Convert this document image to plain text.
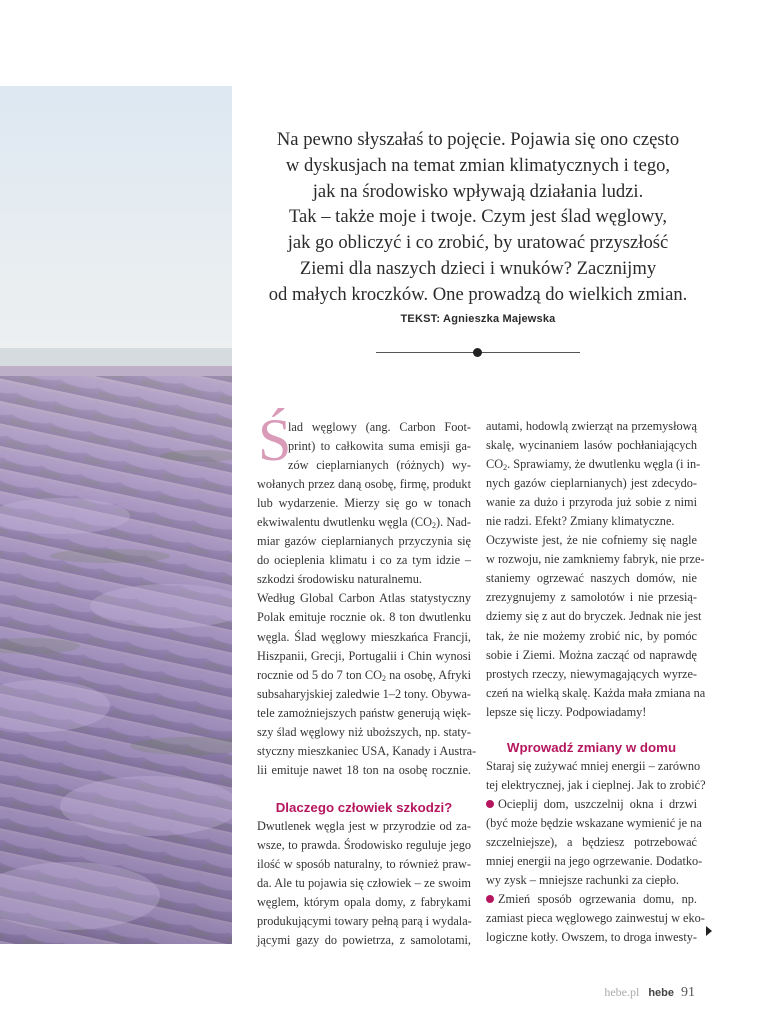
Na pewno słyszałaś to pojęcie. Pojawia się ono często
w dyskusjach na temat zmian klimatycznych i tego,
jak na środowisko wpływają działania ludzi.
Tak – także moje i twoje. Czym jest ślad węglowy,
jak go obliczyć i co zrobić, by uratować przyszłość
Ziemi dla naszych dzieci i wnuków? Zacznijmy
od małych kroczków. One prowadzą do wielkich zmian.
TEKST: Agnieszka Majewska
Ś
lad węglowy (ang. Carbon Foot-
print) to całkowita suma emisji ga-
zów cieplarnianych (różnych) wy-
wołanych przez daną osobę, firmę, produkt
lub wydarzenie. Mierzy się go w tonach
ekwiwalentu dwutlenku węgla $(CO_2)$. Nad-
miar gazów cieplarnianych przyczynia się
do ocieplenia klimatu i co za tym idzie –
szkodzi środowisku naturalnemu.
Według Global Carbon Atlas statystyczny
Polak emituje rocznie ok. 8 ton dwutlenku
węgla. Ślad węglowy mieszkańca Francji,
Hiszpanii, Grecji, Portugalii i Chin wynosi
rocznie od 5 do 7 ton $CO_2$ na osobę, Afryki
subsaharyjskiej zaledwie 1–2 tony. Obywa-
tele zamożniejszych państw generują więk-
szy ślad węglowy niż uboższych, np. staty-
styczny mieszkaniec USA, Kanady i Austra-
lii emituje nawet 18 ton na osobę rocznie.
Dlaczego człowiek szkodzi?
Dwutlenek węgla jest w przyrodzie od za-
wsze, to prawda. Środowisko reguluje jego
ilość w sposób naturalny, to również praw-
da. Ale tu pojawia się człowiek – ze swoim
węglem, którym opala domy, z fabrykami
produkującymi towary pełną parą i wydala-
jącymi gazy do powietrza, z samolotami,
autami, hodowlą zwierząt na przemysłową
skalę, wycinaniem lasów pochłaniających
$CO_2$. Sprawiamy, że dwutlenku węgla (i in-
nych gazów cieplarnianych) jest zdecydo-
wanie za dużo i przyroda już sobie z nimi
nie radzi. Efekt? Zmiany klimatyczne.
Oczywiste jest, że nie cofniemy się nagle
w rozwoju, nie zamkniemy fabryk, nie prze-
staniemy ogrzewać naszych domów, nie
zrezygnujemy z samolotów i nie przesią-
dziemy się z aut do bryczek. Jednak nie jest
tak, że nie możemy zrobić nic, by pomóc
sobie i Ziemi. Można zacząć od naprawdę
prostych rzeczy, niewymagających wyrze-
czeń na wielką skalę. Każda mała zmiana na
lepsze się liczy. Podpowiadamy!
Wprowadź zmiany w domu
Staraj się zużywać mniej energii – zarówno
tej elektrycznej, jak i cieplnej. Jak to zrobić?
Ocieplij dom, uszczelnij okna i drzwi
(być może będzie wskazane wymienić je na
szczelniejsze), a będziesz potrzebować
mniej energii na jego ogrzewanie. Dodatko-
wy zysk – mniejsze rachunki za ciepło.
Zmień sposób ogrzewania domu, np.
zamiast pieca węglowego zainwestuj w eko-
logiczne kotły. Owszem, to droga inwesty-
hebe.pl hebe 91
